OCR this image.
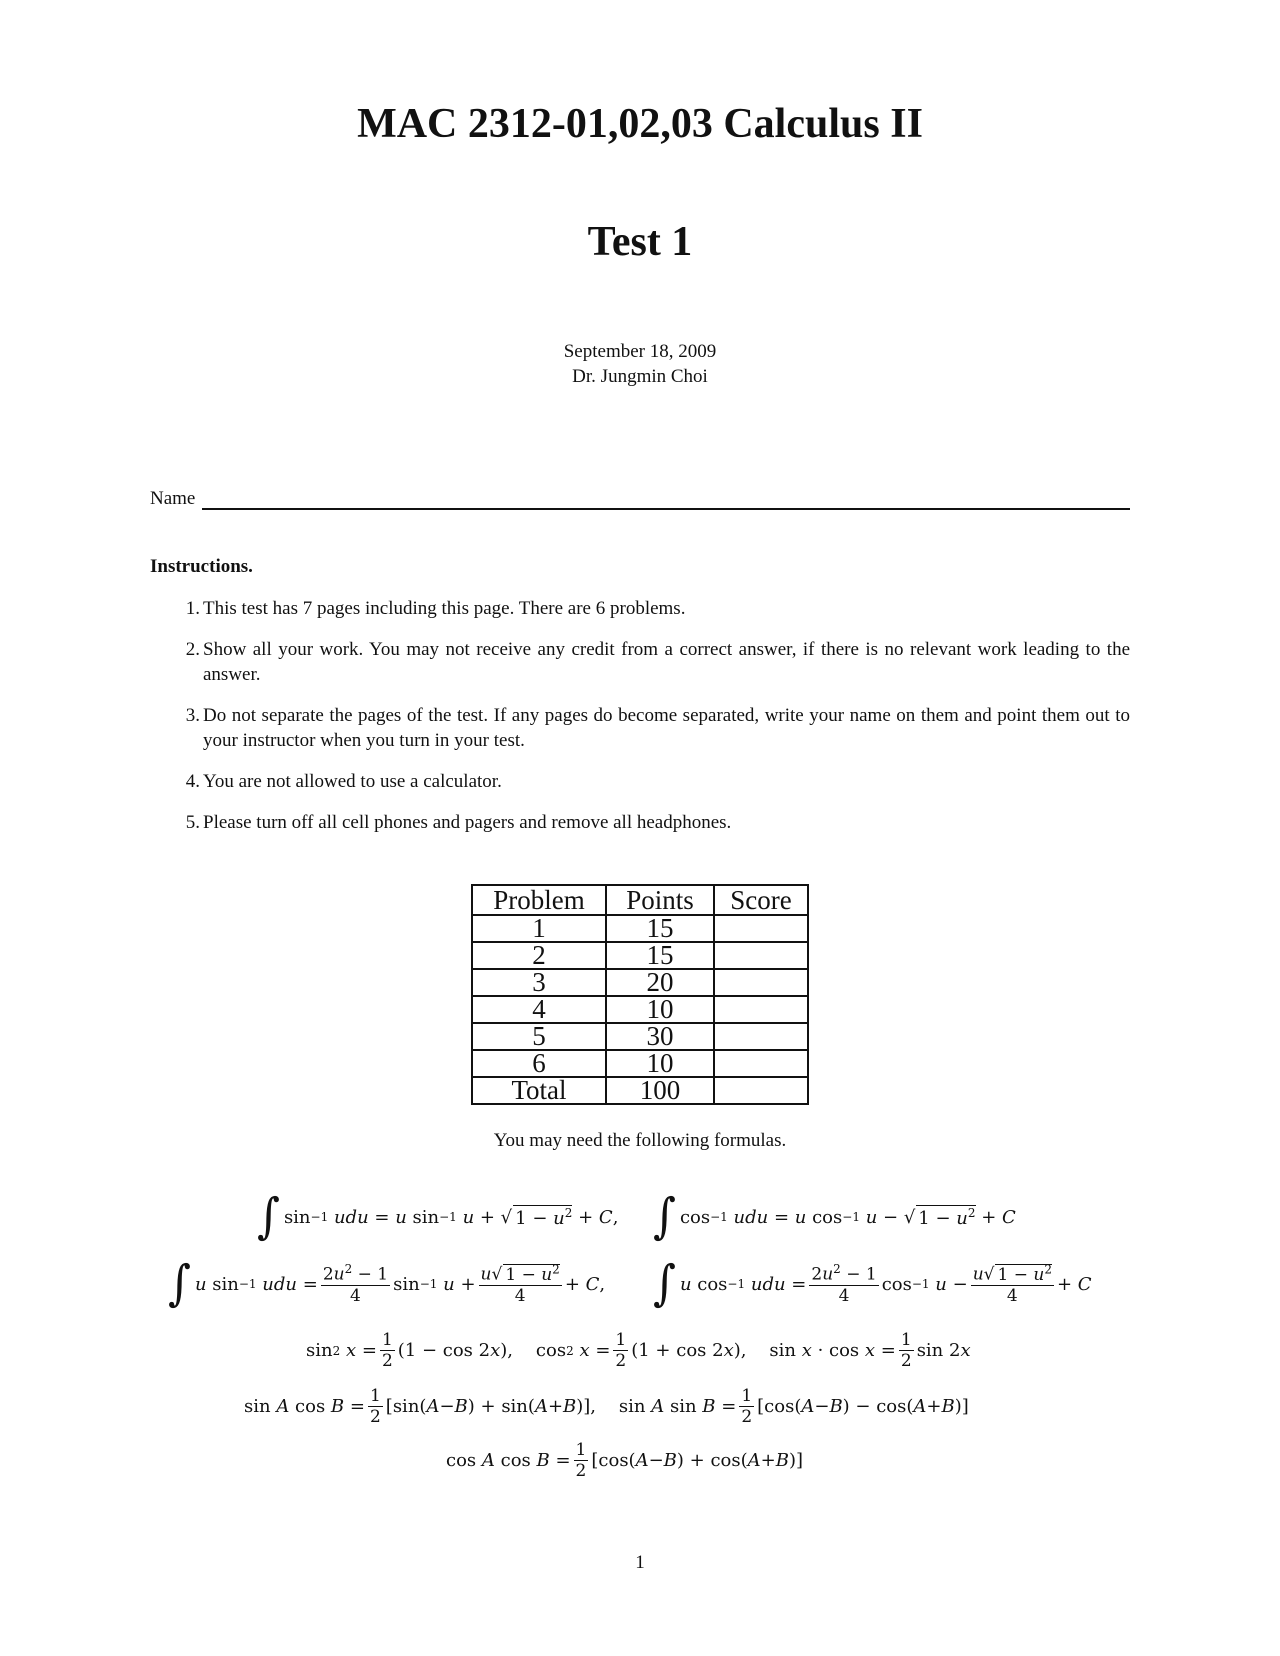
MAC 2312-01,02,03 Calculus II
Test 1
September 18, 2009
Dr. Jungmin Choi
Name
Instructions.
1. This test has 7 pages including this page. There are 6 problems.
2. Show all your work. You may not receive any credit from a correct answer, if there is no relevant work leading to the answer.
3. Do not separate the pages of the test. If any pages do become separated, write your name on them and point them out to your instructor when you turn in your test.
4. You are not allowed to use a calculator.
5. Please turn off all cell phones and pagers and remove all headphones.
Problem	Points	Score
1	15	
2	15	
3	20	
4	10	
5	30	
6	10	
Total	100	
You may need the following formulas.
∫ sin −1
udu = u sin −1
u + √ $1 - u^2 + C$ , ∫ cos −1
udu = u cos −1
u − √ $1 - u^2 + C$
∫ u sin −1
udu = $\frac{2u^2 - 1}{4}$ sin −1
$u + \frac{u√ 1 - u^2}{4} + C$ , ∫ u cos −1
udu = $\frac{2u^2 - 1}{4}$ cos −1
$u - \frac{u√ 1 - u^2}{4} + C$
sin 2
$x = \frac{1}{2} (1 - \cos 2$ x ),    cos 2
$x = \frac{1}{2} (1 + \cos 2$ x ),    $\sin x \cdot \cos x = \frac{1}{2}$ sin 2 x
sin A $\cos B = \frac{1}{2} [\sin$( A − B ) + sin( A + B )],    sin A $\sin B = \frac{1}{2} [\cos$( A − B ) − cos( A + B )]
cos A $\cos B = \frac{1}{2} [\cos$( A − B ) + cos( A + B )]
1
